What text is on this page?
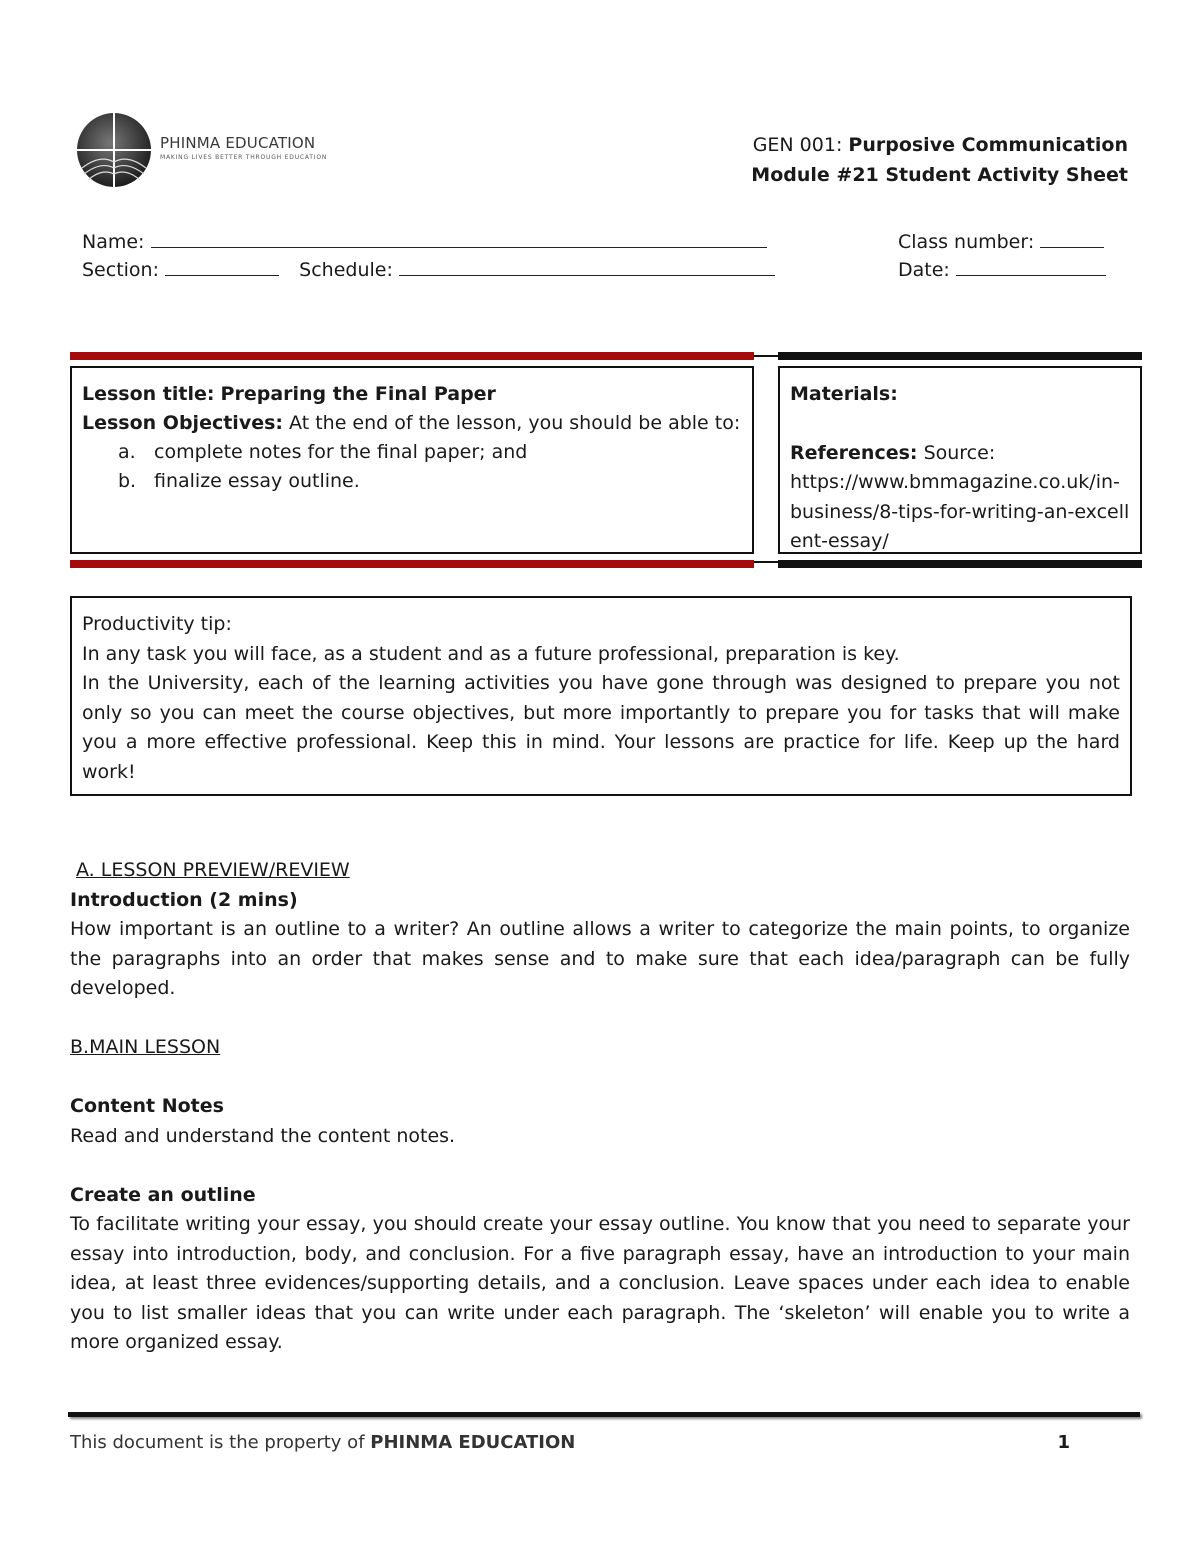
PHINMA EDUCATION
MAKING LIVES BETTER THROUGH EDUCATION
GEN 001: Purposive Communication
Module #21 Student Activity Sheet
Name:	Class number:
Section:	Schedule:	Date:
Lesson title: Preparing the Final Paper
Lesson Objectives: At the end of the lesson, you should be able to:
a. complete notes for the final paper; and
b. finalize essay outline.
Materials:
References: Source:
https://www.bmmagazine.co.uk/in-business/8-tips-for-writing-an-excellent-essay/
Productivity tip:
In any task you will face, as a student and as a future professional, preparation is key.
In the University, each of the learning activities you have gone through was designed to prepare you not only so you can meet the course objectives, but more importantly to prepare you for tasks that will make you a more effective professional. Keep this in mind. Your lessons are practice for life. Keep up the hard work!
A. LESSON PREVIEW/REVIEW
Introduction (2 mins)
How important is an outline to a writer? An outline allows a writer to categorize the main points, to organize the paragraphs into an order that makes sense and to make sure that each idea/paragraph can be fully developed.
B.MAIN LESSON
Content Notes
Read and understand the content notes.
Create an outline
To facilitate writing your essay, you should create your essay outline. You know that you need to separate your essay into introduction, body, and conclusion. For a five paragraph essay, have an introduction to your main idea, at least three evidences/supporting details, and a conclusion. Leave spaces under each idea to enable you to list smaller ideas that you can write under each paragraph. The ‘skeleton’ will enable you to write a more organized essay.
This document is the property of PHINMA EDUCATION	1
